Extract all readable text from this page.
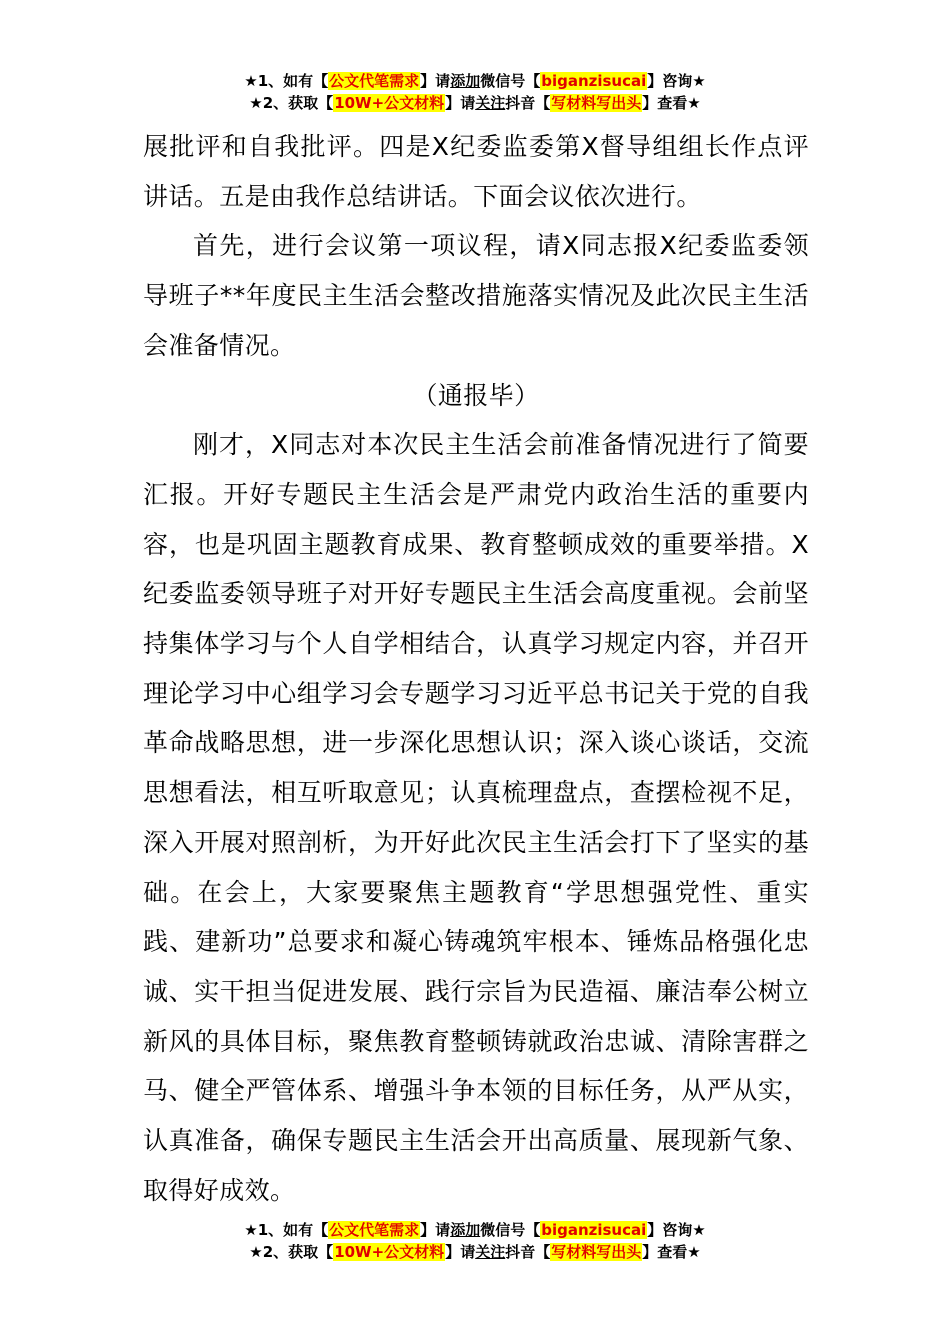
★1、如有【公文代笔需求】请添加微信号【biganzisucai】咨询★
★2、获取【10W+公文材料】请关注抖音【写材料写出头】查看★

展批评和自我批评。四是X纪委监委第X督导组组长作点评讲话。五是由我作总结讲话。下面会议依次进行。

首先，进行会议第一项议程，请X同志报X纪委监委领导班子**年度民主生活会整改措施落实情况及此次民主生活会准备情况。

（通报毕）

刚才，X同志对本次民主生活会前准备情况进行了简要汇报。开好专题民主生活会是严肃党内政治生活的重要内容，也是巩固主题教育成果、教育整顿成效的重要举措。X纪委监委领导班子对开好专题民主生活会高度重视。会前坚持集体学习与个人自学相结合，认真学习规定内容，并召开理论学习中心组学习会专题学习习近平总书记关于党的自我革命战略思想，进一步深化思想认识；深入谈心谈话，交流思想看法，相互听取意见；认真梳理盘点，查摆检视不足，深入开展对照剖析，为开好此次民主生活会打下了坚实的基础。在会上，大家要聚焦主题教育“学思想强党性、重实践、建新功”总要求和凝心铸魂筑牢根本、锤炼品格强化忠诚、实干担当促进发展、践行宗旨为民造福、廉洁奉公树立新风的具体目标，聚焦教育整顿铸就政治忠诚、清除害群之马、健全严管体系、增强斗争本领的目标任务，从严从实，认真准备，确保专题民主生活会开出高质量、展现新气象、取得好成效。

★1、如有【公文代笔需求】请添加微信号【biganzisucai】咨询★
★2、获取【10W+公文材料】请关注抖音【写材料写出头】查看★
